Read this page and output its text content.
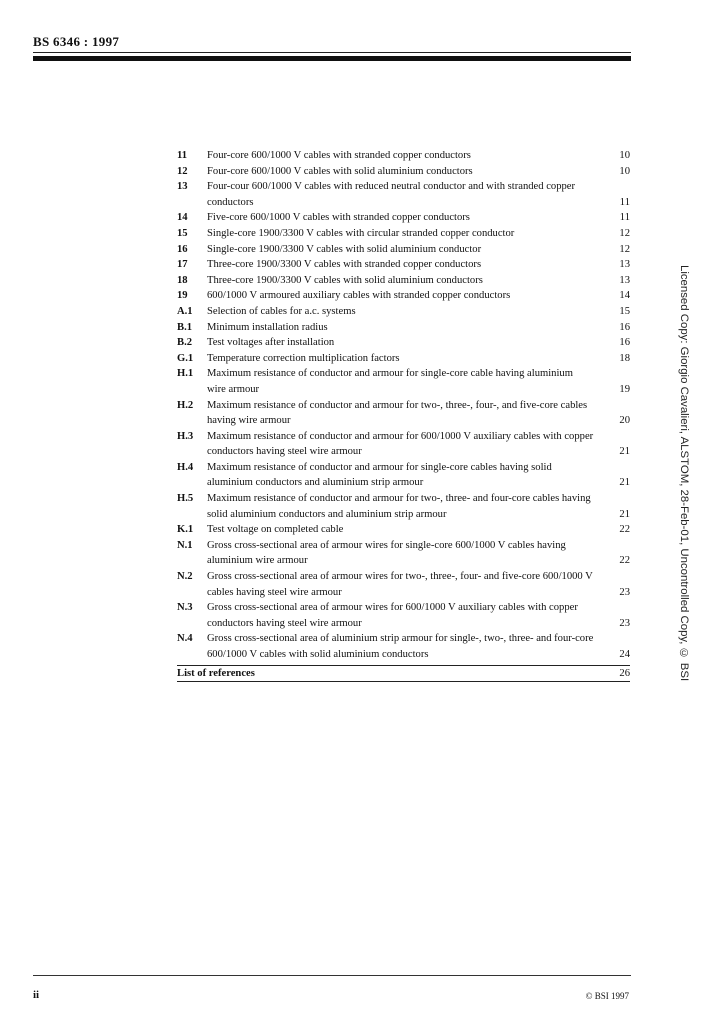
BS 6346 : 1997
11	Four-core 600/1000 V cables with stranded copper conductors	10
12	Four-core 600/1000 V cables with solid aluminium conductors	10
13	Four-cour 600/1000 V cables with reduced neutral conductor and with stranded copper conductors	11
14	Five-core 600/1000 V cables with stranded copper conductors	11
15	Single-core 1900/3300 V cables with circular stranded copper conductor	12
16	Single-core 1900/3300 V cables with solid aluminium conductor	12
17	Three-core 1900/3300 V cables with stranded copper conductors	13
18	Three-core 1900/3300 V cables with solid aluminium conductors	13
19	600/1000 V armoured auxiliary cables with stranded copper conductors	14
A.1	Selection of cables for a.c. systems	15
B.1	Minimum installation radius	16
B.2	Test voltages after installation	16
G.1	Temperature correction multiplication factors	18
H.1	Maximum resistance of conductor and armour for single-core cable having aluminium wire armour	19
H.2	Maximum resistance of conductor and armour for two-, three-, four-, and five-core cables having wire armour	20
H.3	Maximum resistance of conductor and armour for 600/1000 V auxiliary cables with copper conductors having steel wire armour	21
H.4	Maximum resistance of conductor and armour for single-core cables having solid aluminium conductors and aluminium strip armour	21
H.5	Maximum resistance of conductor and armour for two-, three- and four-core cables having solid aluminium conductors and aluminium strip armour	21
K.1	Test voltage on completed cable	22
N.1	Gross cross-sectional area of armour wires for single-core 600/1000 V cables having aluminium wire armour	22
N.2	Gross cross-sectional area of armour wires for two-, three-, four- and five-core 600/1000 V cables having steel wire armour	23
N.3	Gross cross-sectional area of armour wires for 600/1000 V auxiliary cables with copper conductors having steel wire armour	23
N.4	Gross cross-sectional area of aluminium strip armour for single-, two-, three- and four-core 600/1000 V cables with solid aluminium conductors	24
List of references	26	Licensed Copy: Giorgio Cavalieri, ALSTOM, 28-Feb-01, Uncontrolled Copy, © BSI
ii	© BSI 1997
